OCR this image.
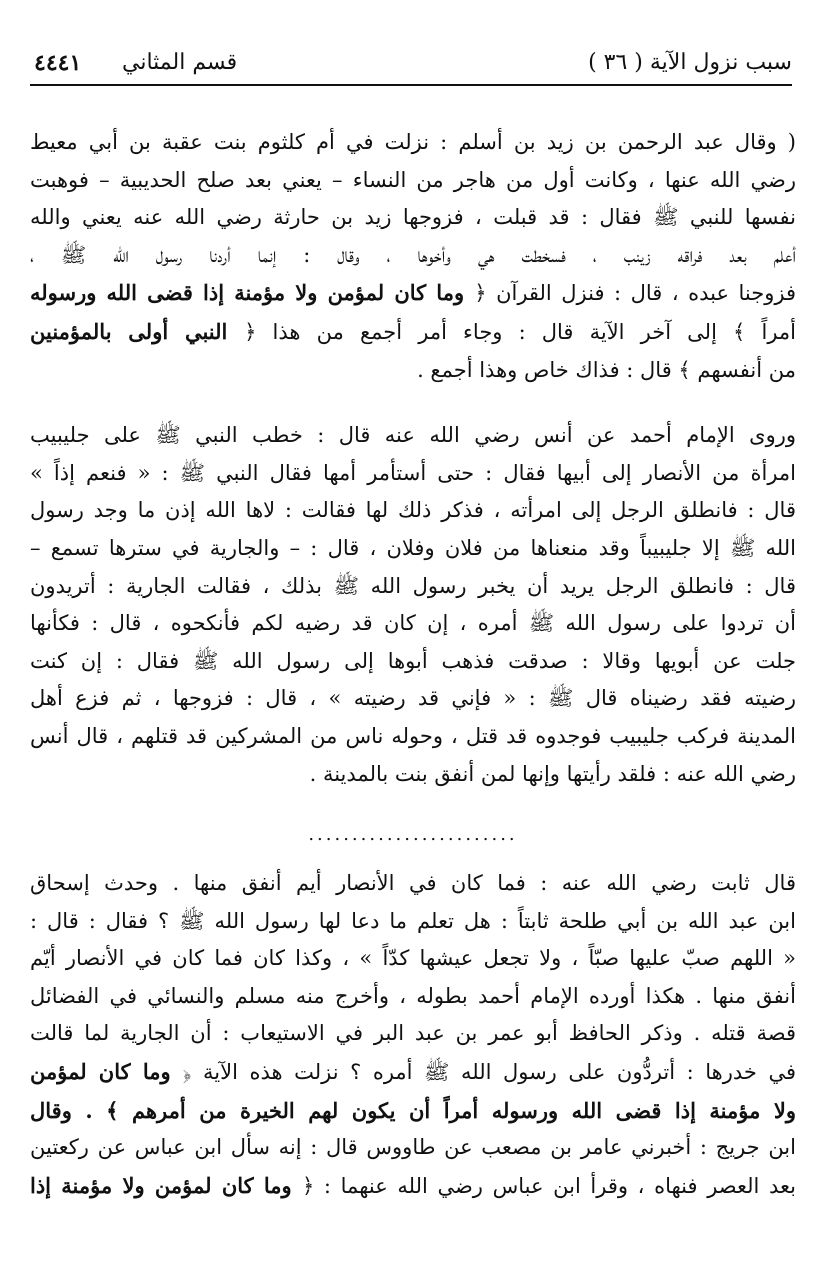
سبب نزول الآية ( ٣٦ )
قسم المثاني
٤٤٤١
( وقال عبد الرحمن بن زيد بن أسلم : نزلت في أم كلثوم بنت عقبة بن أبي معيط
رضي الله عنها ، وكانت أول من هاجر من النساء – يعني بعد صلح الحديبية – فوهبت
نفسها للنبي ﷺ فقال : قد قبلت ، فزوجها زيد بن حارثة رضي الله عنه يعني والله
أعلم بعد فراقه زينب ، فسخطت هي وأخوها ، وقال : إنما أردنا رسول الله ﷺ ،
فزوجنا عبده ، قال : فنزل القرآن ﴿ وما كان لمؤمن ولا مؤمنة إذا قضى الله ورسوله
أمراً ﴾ إلى آخر الآية قال : وجاء أمر أجمع من هذا ﴿ النبي أولى بالمؤمنين
من أنفسهم ﴾ قال : فذاك خاص وهذا أجمع .
وروى الإمام أحمد عن أنس رضي الله عنه قال : خطب النبي ﷺ على جليبيب
امرأة من الأنصار إلى أبيها فقال : حتى أستأمر أمها فقال النبي ﷺ : « فنعم إذاً »
قال : فانطلق الرجل إلى امرأته ، فذكر ذلك لها فقالت : لاها الله إذن ما وجد رسول
الله ﷺ إلا جليبيباً وقد منعناها من فلان وفلان ، قال : – والجارية في سترها تسمع –
قال : فانطلق الرجل يريد أن يخبر رسول الله ﷺ بذلك ، فقالت الجارية : أتريدون
أن تردوا على رسول الله ﷺ أمره ، إن كان قد رضيه لكم فأنكحوه ، قال : فكأنها
جلت عن أبويها وقالا : صدقت فذهب أبوها إلى رسول الله ﷺ فقال : إن كنت
رضيته فقد رضيناه قال ﷺ : « فإني قد رضيته » ، قال : فزوجها ، ثم فزع أهل
المدينة فركب جليبيب فوجدوه قد قتل ، وحوله ناس من المشركين قد قتلهم ، قال أنس
رضي الله عنه : فلقد رأيتها وإنها لمن أنفق بنت بالمدينة .
........................
قال ثابت رضي الله عنه : فما كان في الأنصار أيم أنفق منها . وحدث إسحاق
ابن عبد الله بن أبي طلحة ثابتاً : هل تعلم ما دعا لها رسول الله ﷺ ؟ فقال : قال :
« اللهم صبّ عليها صبّاً ، ولا تجعل عيشها كدّاً » ، وكذا كان فما كان في الأنصار أيّم
أنفق منها . هكذا أورده الإمام أحمد بطوله ، وأخرج منه مسلم والنسائي في الفضائل
قصة قتله . وذكر الحافظ أبو عمر بن عبد البر في الاستيعاب : أن الجارية لما قالت
في خدرها : أتردُّون على رسول الله ﷺ أمره ؟ نزلت هذه الآية ﴿ وما كان لمؤمن
ولا مؤمنة إذا قضى الله ورسوله أمراً أن يكون لهم الخيرة من أمرهم ﴾ . وقال
ابن جريج : أخبرني عامر بن مصعب عن طاووس قال : إنه سأل ابن عباس عن ركعتين
بعد العصر فنهاه ، وقرأ ابن عباس رضي الله عنهما : ﴿ وما كان لمؤمن ولا مؤمنة إذا
